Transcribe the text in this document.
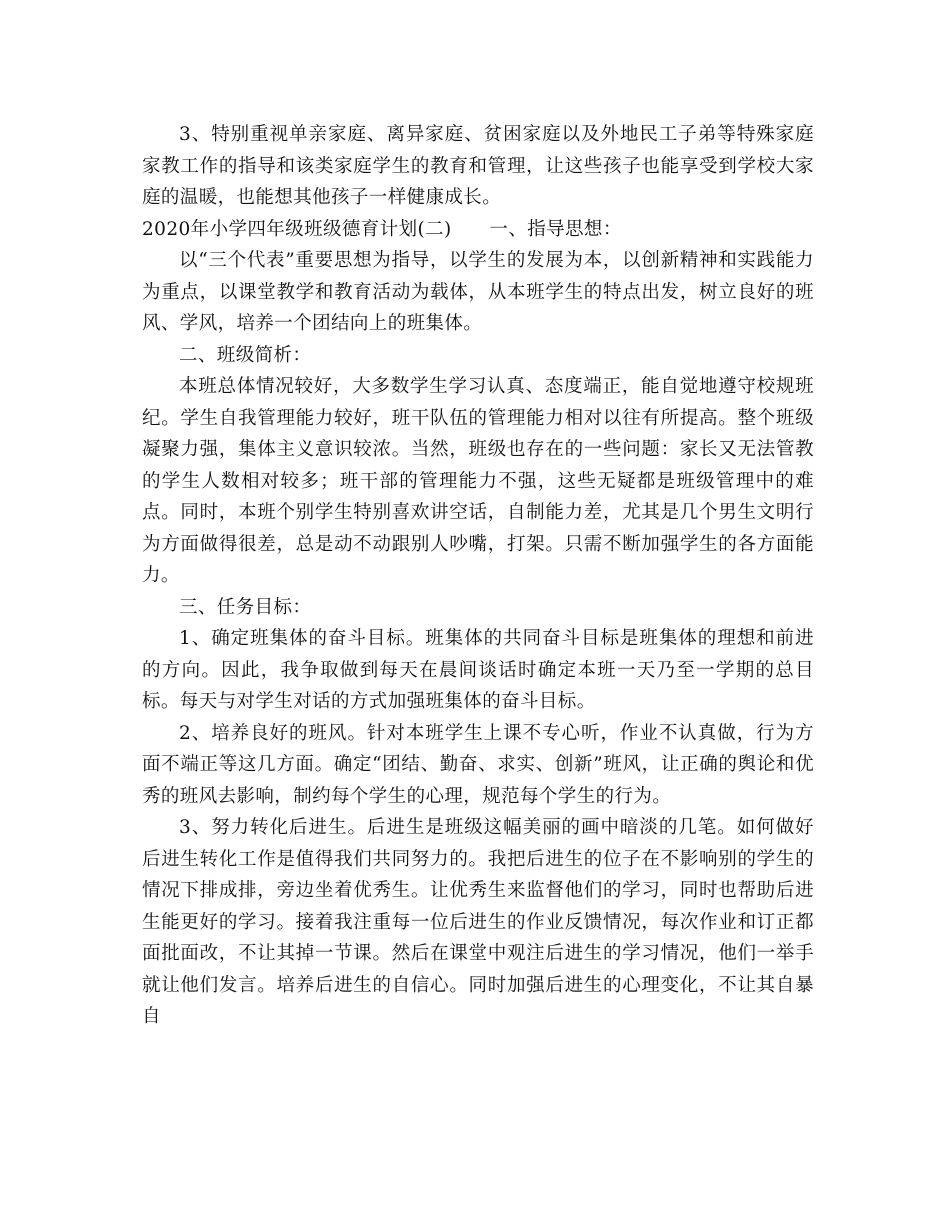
3、特别重视单亲家庭、离异家庭、贫困家庭以及外地民工子弟等特殊家庭家教工作的指导和该类家庭学生的教育和管理，让这些孩子也能享受到学校大家庭的温暖，也能想其他孩子一样健康成长。

2020年小学四年级班级德育计划(二)　　一、指导思想：

以“三个代表”重要思想为指导，以学生的发展为本，以创新精神和实践能力为重点，以课堂教学和教育活动为载体，从本班学生的特点出发，树立良好的班风、学风，培养一个团结向上的班集体。

二、班级简析：

本班总体情况较好，大多数学生学习认真、态度端正，能自觉地遵守校规班纪。学生自我管理能力较好，班干队伍的管理能力相对以往有所提高。整个班级凝聚力强，集体主义意识较浓。当然，班级也存在的一些问题：家长又无法管教的学生人数相对较多；班干部的管理能力不强，这些无疑都是班级管理中的难点。同时，本班个别学生特别喜欢讲空话，自制能力差，尤其是几个男生文明行为方面做得很差，总是动不动跟别人吵嘴，打架。只需不断加强学生的各方面能力。

三、任务目标：

1、确定班集体的奋斗目标。班集体的共同奋斗目标是班集体的理想和前进的方向。因此，我争取做到每天在晨间谈话时确定本班一天乃至一学期的总目标。每天与对学生对话的方式加强班集体的奋斗目标。

2、培养良好的班风。针对本班学生上课不专心听，作业不认真做，行为方面不端正等这几方面。确定“团结、勤奋、求实、创新”班风，让正确的舆论和优秀的班风去影响，制约每个学生的心理，规范每个学生的行为。

3、努力转化后进生。后进生是班级这幅美丽的画中暗淡的几笔。如何做好后进生转化工作是值得我们共同努力的。我把后进生的位子在不影响别的学生的情况下排成排，旁边坐着优秀生。让优秀生来监督他们的学习，同时也帮助后进生能更好的学习。接着我注重每一位后进生的作业反馈情况，每次作业和订正都面批面改，不让其掉一节课。然后在课堂中观注后进生的学习情况，他们一举手就让他们发言。培养后进生的自信心。同时加强后进生的心理变化，不让其自暴自
